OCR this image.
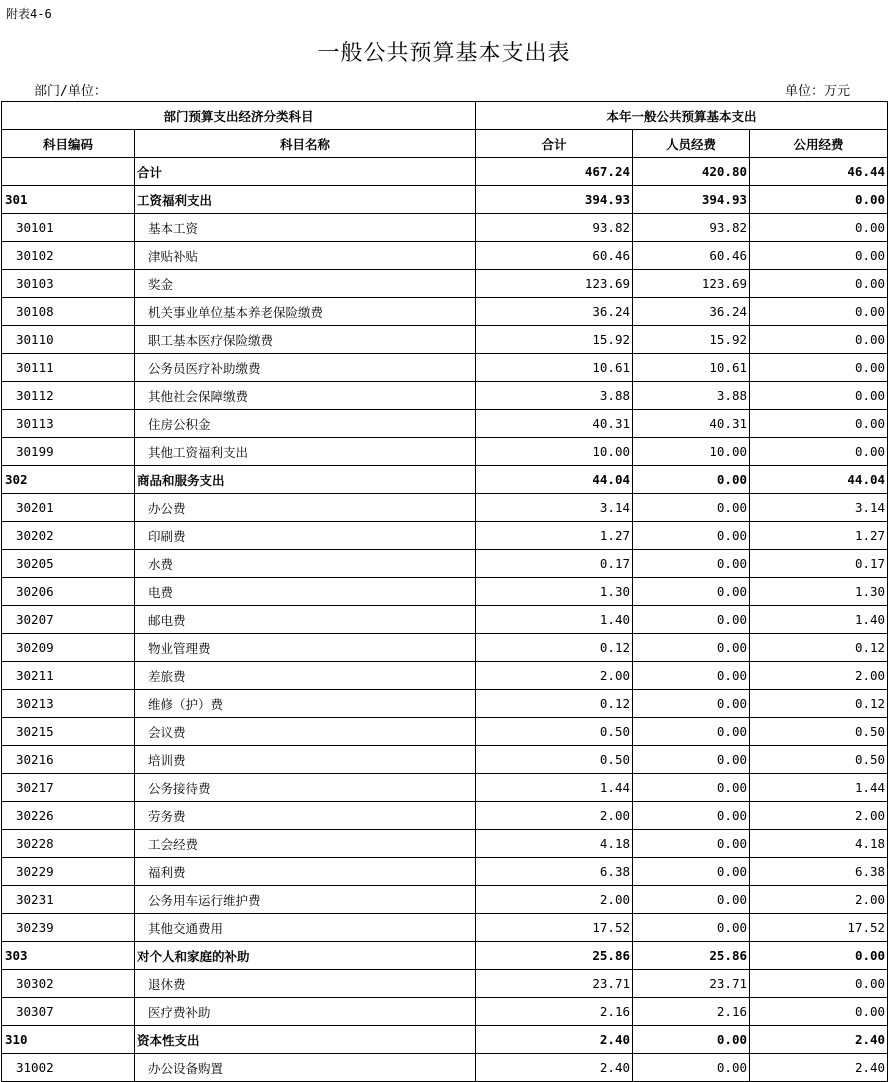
附表4-6
一般公共预算基本支出表
部门/单位：	单位：万元
部门预算支出经济分类科目		本年一般公共预算基本支出		
科目编码	科目名称	合计	人员经费	公用经费
	合计	467.24	420.80	46.44
301	工资福利支出	394.93	394.93	0.00
30101	基本工资	93.82	93.82	0.00
30102	津贴补贴	60.46	60.46	0.00
30103	奖金	123.69	123.69	0.00
30108	机关事业单位基本养老保险缴费	36.24	36.24	0.00
30110	职工基本医疗保险缴费	15.92	15.92	0.00
30111	公务员医疗补助缴费	10.61	10.61	0.00
30112	其他社会保障缴费	3.88	3.88	0.00
30113	住房公积金	40.31	40.31	0.00
30199	其他工资福利支出	10.00	10.00	0.00
302	商品和服务支出	44.04	0.00	44.04
30201	办公费	3.14	0.00	3.14
30202	印刷费	1.27	0.00	1.27
30205	水费	0.17	0.00	0.17
30206	电费	1.30	0.00	1.30
30207	邮电费	1.40	0.00	1.40
30209	物业管理费	0.12	0.00	0.12
30211	差旅费	2.00	0.00	2.00
30213	维修（护）费	0.12	0.00	0.12
30215	会议费	0.50	0.00	0.50
30216	培训费	0.50	0.00	0.50
30217	公务接待费	1.44	0.00	1.44
30226	劳务费	2.00	0.00	2.00
30228	工会经费	4.18	0.00	4.18
30229	福利费	6.38	0.00	6.38
30231	公务用车运行维护费	2.00	0.00	2.00
30239	其他交通费用	17.52	0.00	17.52
303	对个人和家庭的补助	25.86	25.86	0.00
30302	退休费	23.71	23.71	0.00
30307	医疗费补助	2.16	2.16	0.00
310	资本性支出	2.40	0.00	2.40
31002	办公设备购置	2.40	0.00	2.40
